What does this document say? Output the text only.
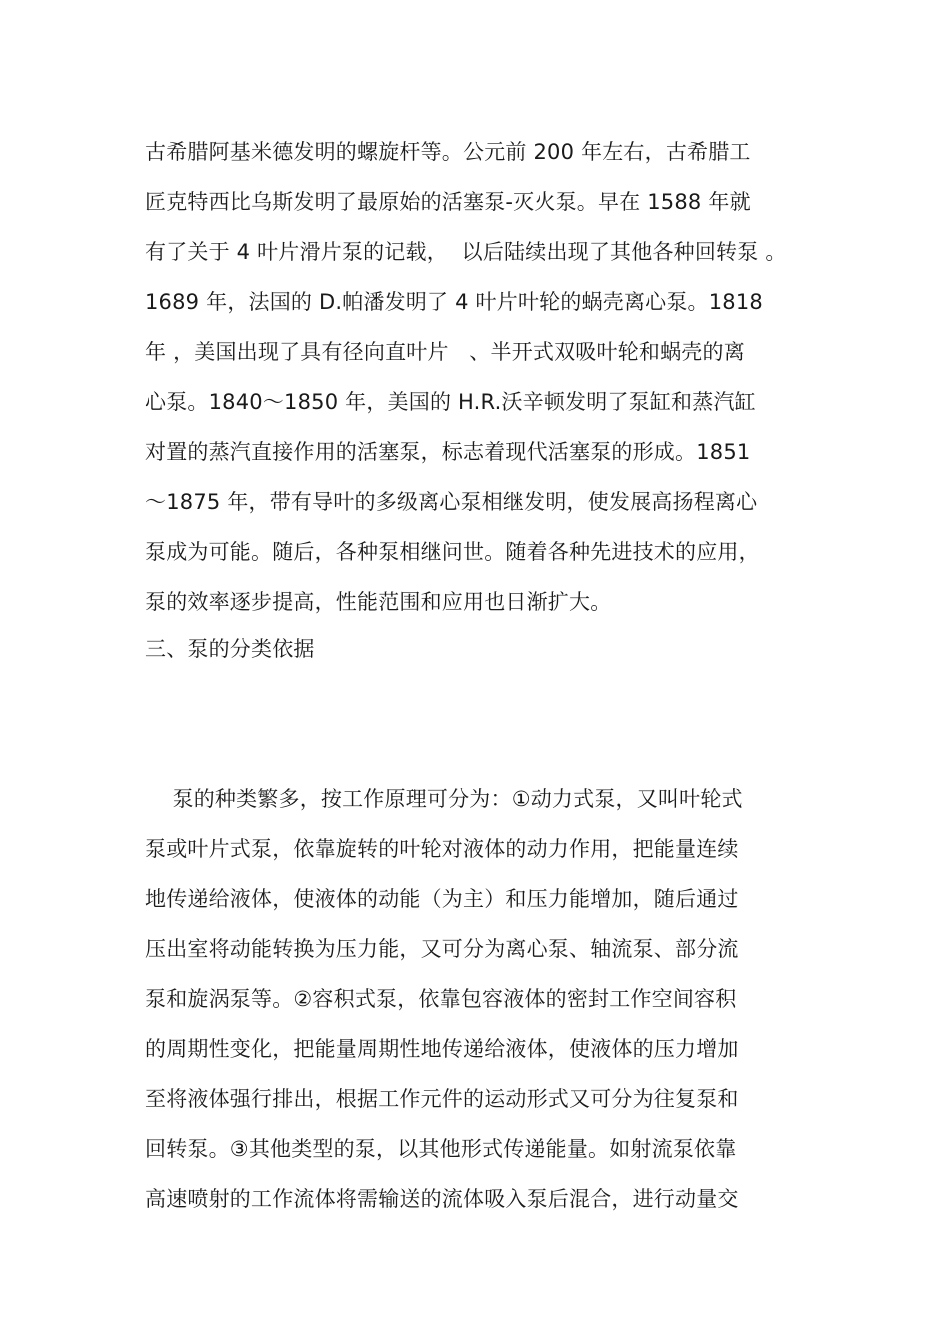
古希腊阿基米德发明的螺旋杆等。公元前 200 年左右，古希腊工
匠克特西比乌斯发明了最原始的活塞泵-灭火泵。早在 1588 年就
有了关于 4 叶片滑片泵的记载，  以后陆续出现了其他各种回转泵 。
1689 年，法国的 D.帕潘发明了 4 叶片叶轮的蜗壳离心泵。1818
年 ，美国出现了具有径向直叶片   、半开式双吸叶轮和蜗壳的离
心泵。1840～1850 年，美国的 H.R.沃辛顿发明了泵缸和蒸汽缸
对置的蒸汽直接作用的活塞泵，标志着现代活塞泵的形成。1851
～1875 年，带有导叶的多级离心泵相继发明，使发展高扬程离心
泵成为可能。随后，各种泵相继问世。随着各种先进技术的应用，
泵的效率逐步提高，性能范围和应用也日渐扩大。
三、泵的分类依据
泵的种类繁多，按工作原理可分为：①动力式泵，又叫叶轮式
泵或叶片式泵，依靠旋转的叶轮对液体的动力作用，把能量连续
地传递给液体，使液体的动能（为主）和压力能增加，随后通过
压出室将动能转换为压力能，又可分为离心泵、轴流泵、部分流
泵和旋涡泵等。②容积式泵，依靠包容液体的密封工作空间容积
的周期性变化，把能量周期性地传递给液体，使液体的压力增加
至将液体强行排出，根据工作元件的运动形式又可分为往复泵和
回转泵。③其他类型的泵，以其他形式传递能量。如射流泵依靠
高速喷射的工作流体将需输送的流体吸入泵后混合，进行动量交
